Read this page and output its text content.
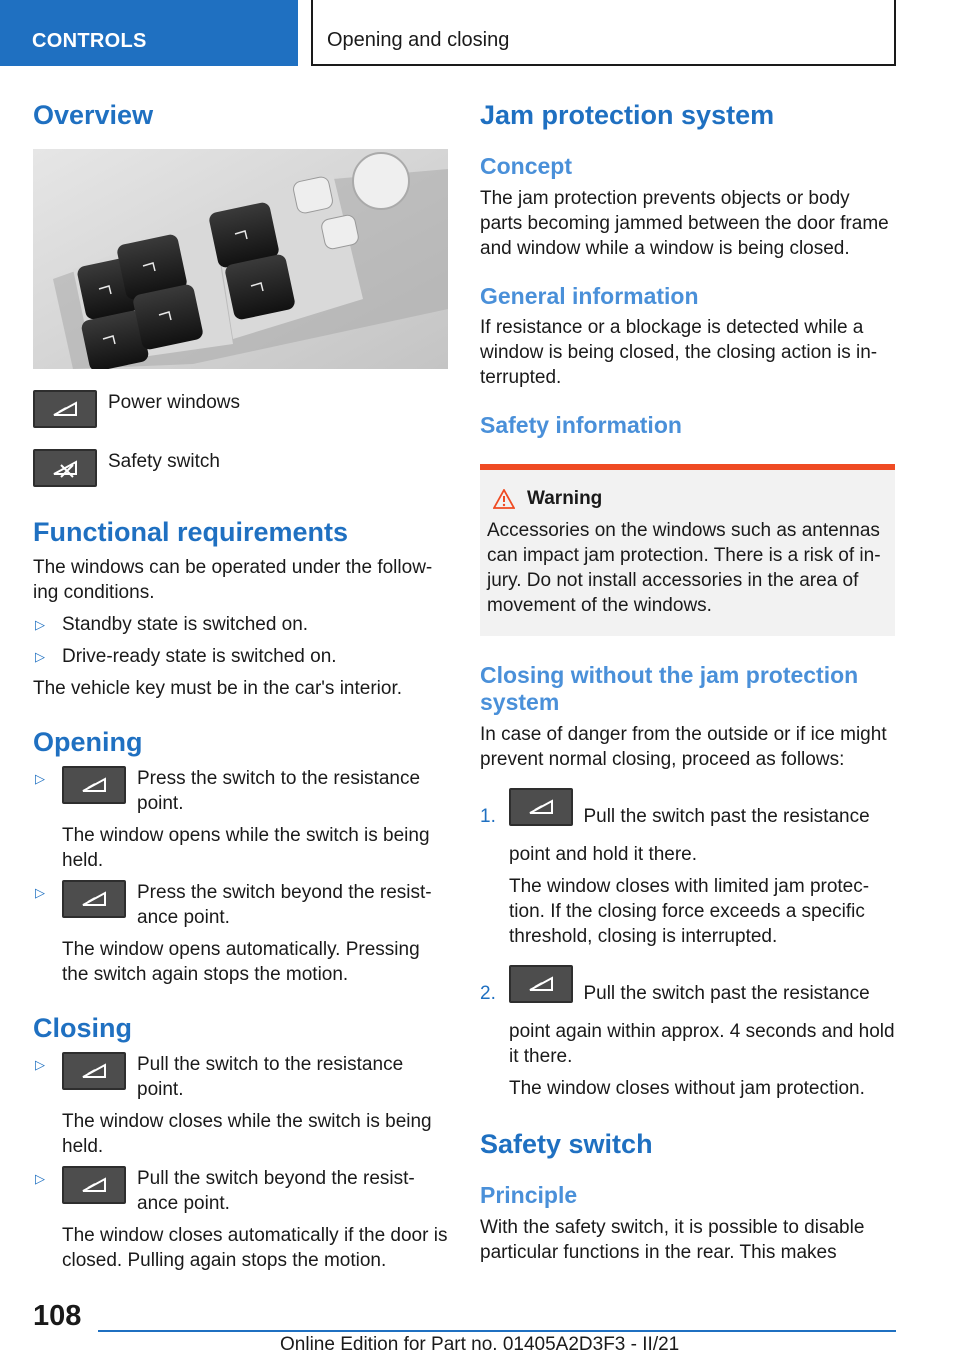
CONTROLS	Opening and closing
Overview
Power windows
Safety switch
Functional requirements

The windows can be operated under the follow-ing conditions.

▷ Standby state is switched on.
▷ Drive-ready state is switched on.

The vehicle key must be in the car's interior.

Opening
▷	Press the switch to the resistance point.

The window opens while the switch is being held.

▷	Press the switch beyond the resist-ance point.

The window opens automatically. Pressing the switch again stops the motion.

Closing
▷	Pull the switch to the resistance point.

The window closes while the switch is being held.

▷	Pull the switch beyond the resist-ance point.

The window closes automatically if the door is closed. Pulling again stops the motion.

Jam protection system
Concept

The jam protection prevents objects or body parts becoming jammed between the door frame and window while a window is being closed.

General information

If resistance or a blockage is detected while a window is being closed, the closing action is in-terrupted.

Safety information
Warning

Accessories on the windows such as antennas can impact jam protection. There is a risk of in-jury. Do not install accessories in the area of movement of the windows.

Closing without the jam protection system

In case of danger from the outside or if ice might prevent normal closing, proceed as follows:

1.	Pull the switch past the resistance point and hold it there.

The window closes with limited jam protec-tion. If the closing force exceeds a specific threshold, closing is interrupted.

2.	Pull the switch past the resistance point again within approx. 4 seconds and hold it there.

The window closes without jam protection.

Safety switch
Principle

With the safety switch, it is possible to disable particular functions in the rear. This makes

108
Online Edition for Part no. 01405A2D3F3 - II/21
